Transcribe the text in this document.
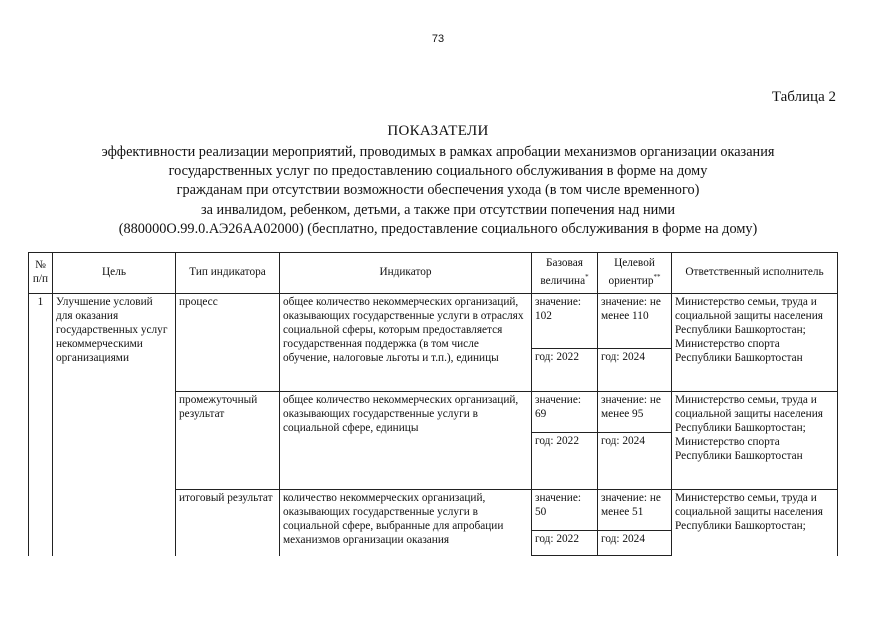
73
Таблица 2
ПОКАЗАТЕЛИ
эффективности реализации мероприятий, проводимых в рамках апробации механизмов организации оказания
государственных услуг по предоставлению социального обслуживания в форме на дому
гражданам при отсутствии возможности обеспечения ухода (в том числе временного)
за инвалидом, ребенком, детьми, а также при отсутствии попечения над ними
(880000О.99.0.АЭ26АА02000) (бесплатно, предоставление социального обслуживания в форме на дому)
№ п/п	Цель	Тип индикатора	Индикатор	Базовая величина*	Целевой ориентир**	Ответственный исполнитель
1	Улучшение условий для оказания государственных услуг некоммерческими организациями	процесс	общее количество некоммерческих организаций, оказывающих государственные услуги в отраслях социальной сферы, которым предоставляется государственная поддержка (в том числе обучение, налоговые льготы и т.п.), единицы	значение: 102	значение: не менее 110	Министерство семьи, труда и социальной защиты населения Республики Башкортостан; Министерство спорта Республики Башкортостан
				год: 2022	год: 2024	
		промежуточный результат	общее количество некоммерческих организаций, оказывающих государственные услуги в социальной сфере, единицы	значение: 69	значение: не менее 95	Министерство семьи, труда и социальной защиты населения Республики Башкортостан; Министерство спорта Республики Башкортостан
				год: 2022	год: 2024	
		итоговый результат	количество некоммерческих организаций, оказывающих государственные услуги в социальной сфере, выбранные для апробации механизмов организации оказания	значение: 50	значение: не менее 51	Министерство семьи, труда и социальной защиты населения Республики Башкортостан;
				год: 2022	год: 2024	
